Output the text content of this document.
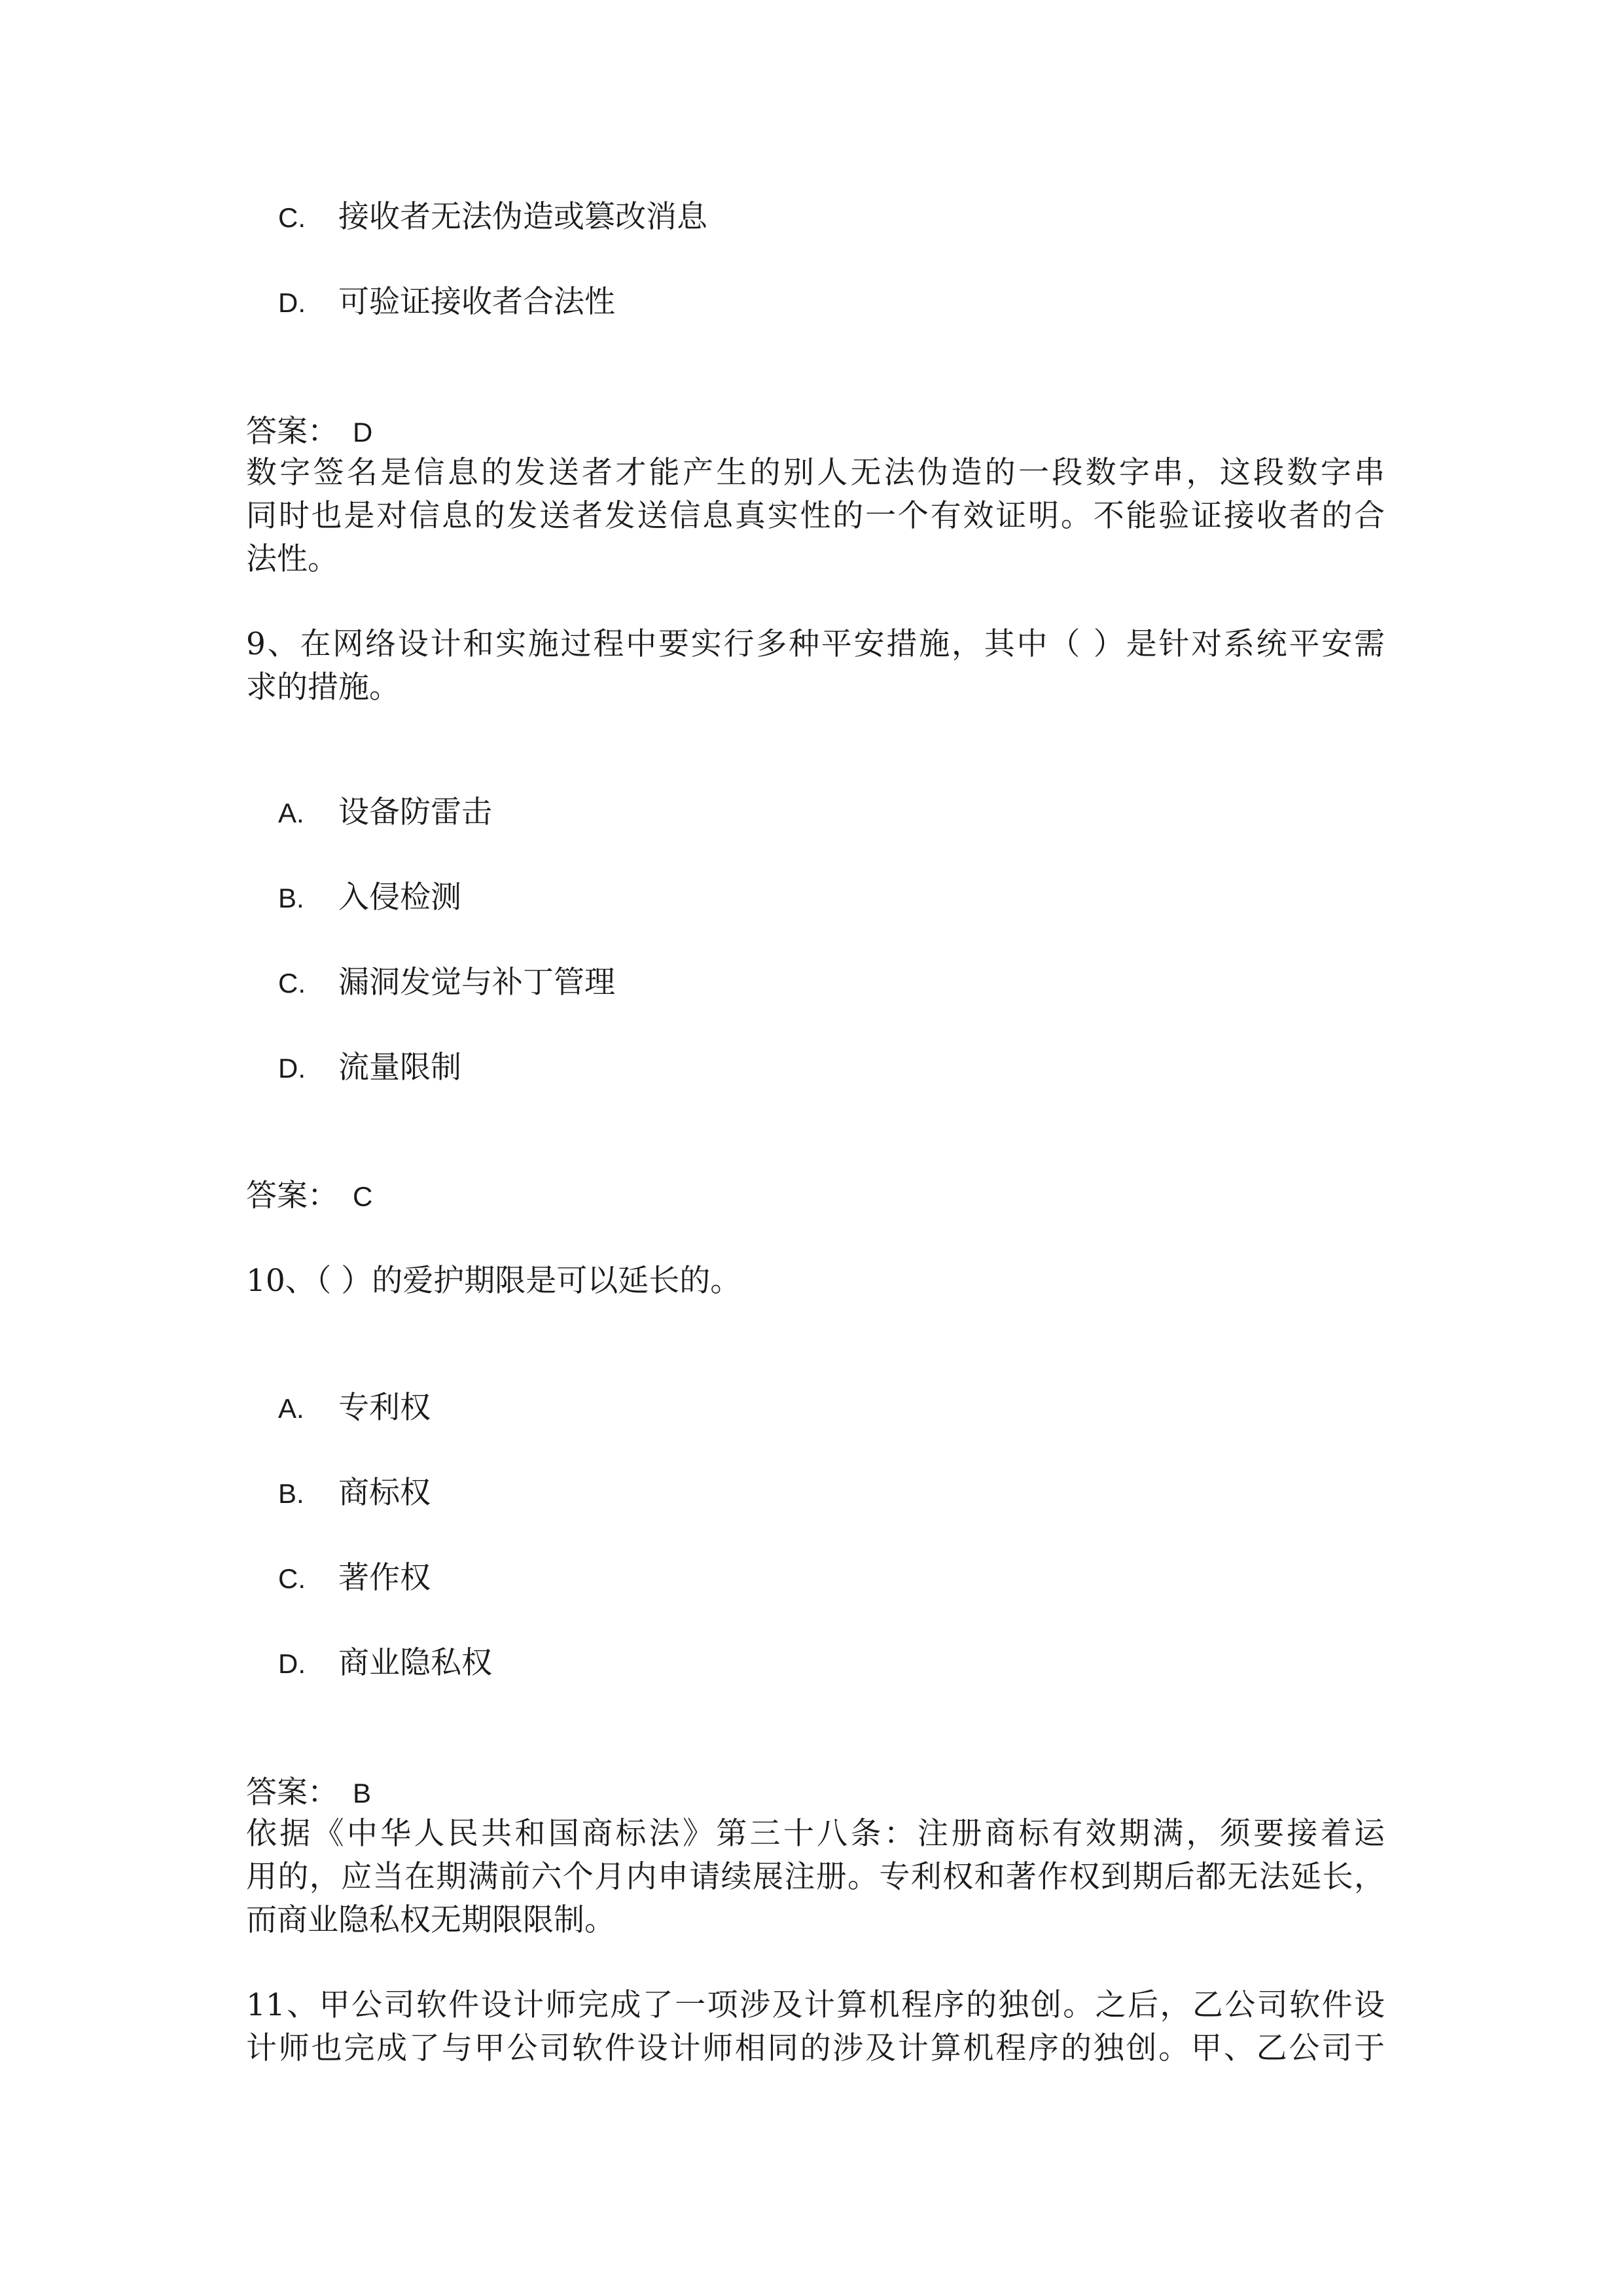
C. 接收者无法伪造或篡改消息
D. 可验证接收者合法性
答案： D
数字签名是信息的发送者才能产生的别人无法伪造的一段数字串，这段数字串
同时也是对信息的发送者发送信息真实性的一个有效证明。不能验证接收者的合
法性。
9、在网络设计和实施过程中要实行多种平安措施，其中（ ）是针对系统平安需
求的措施。
A. 设备防雷击
B. 入侵检测
C. 漏洞发觉与补丁管理
D. 流量限制
答案： C
10、（ ）的爱护期限是可以延长的。
A. 专利权
B. 商标权
C. 著作权
D. 商业隐私权
答案： B
依据《中华人民共和国商标法》第三十八条：注册商标有效期满，须要接着运
用的，应当在期满前六个月内申请续展注册。专利权和著作权到期后都无法延长，
而商业隐私权无期限限制。
11、甲公司软件设计师完成了一项涉及计算机程序的独创。之后，乙公司软件设
计师也完成了与甲公司软件设计师相同的涉及计算机程序的独创。甲、乙公司于
